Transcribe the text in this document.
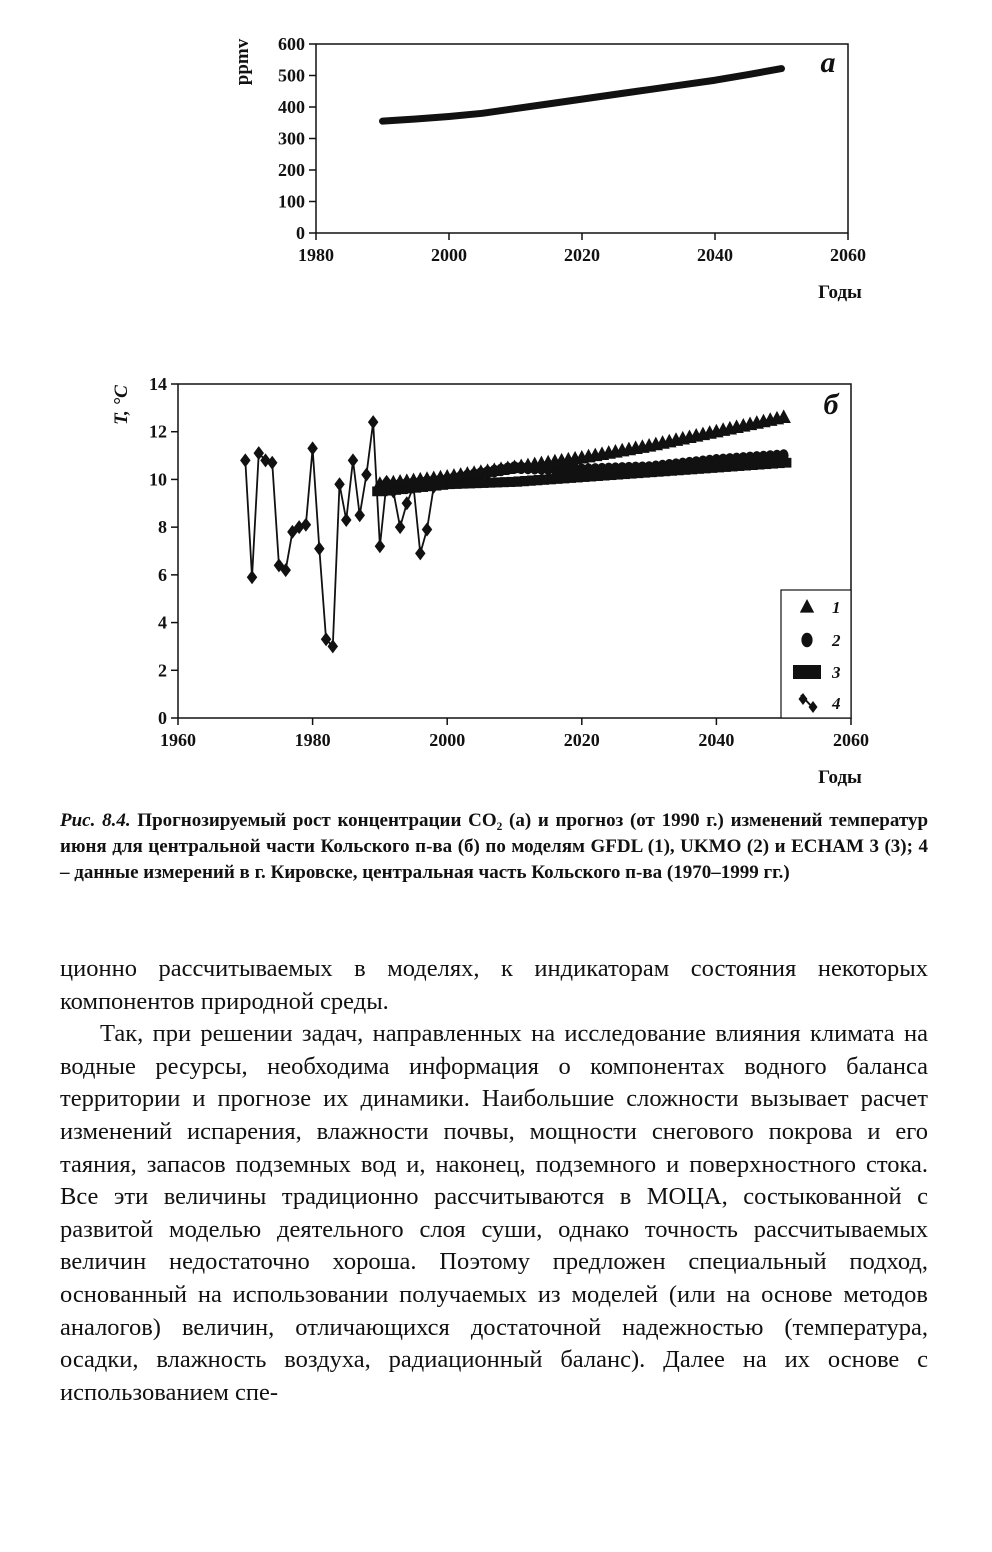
0
100
200
300
400
500
600
1980	2000	2020	2040	2060
ppmv
Годы
a
0
2
4
6
8
10
12
14
1960	1980	2000	2020	2040	2060
T, °C
Годы
б
1
2
3
4
Рис. 8.4. Прогнозируемый рост концентрации CO₂ (а) и прогноз (от 1990 г.) изменений температур июня для центральной части Кольского п-ва (б) по моделям GFDL (1), UKMO (2) и ECHAM 3 (3); 4 – данные измерений в г. Кировске, центральная часть Кольского п-ва (1970–1999 гг.)

ционно рассчитываемых в моделях, к индикаторам состояния некоторых компонентов природной среды.

Так, при решении задач, направленных на исследование влияния климата на водные ресурсы, необходима информация о компонентах водного баланса территории и прогнозе их динамики. Наибольшие сложности вызывает расчет изменений испарения, влажности почвы, мощности снегового покрова и его таяния, запасов подземных вод и, наконец, подземного и поверхностного стока. Все эти величины традиционно рассчитываются в МОЦА, состыкованной с развитой моделью деятельного слоя суши, однако точность рассчитываемых величин недостаточно хороша. Поэтому предложен специальный подход, основанный на использовании получаемых из моделей (или на основе методов аналогов) величин, отличающихся достаточной надежностью (температура, осадки, влажность воздуха, радиационный баланс). Далее на их основе с использованием спе-
